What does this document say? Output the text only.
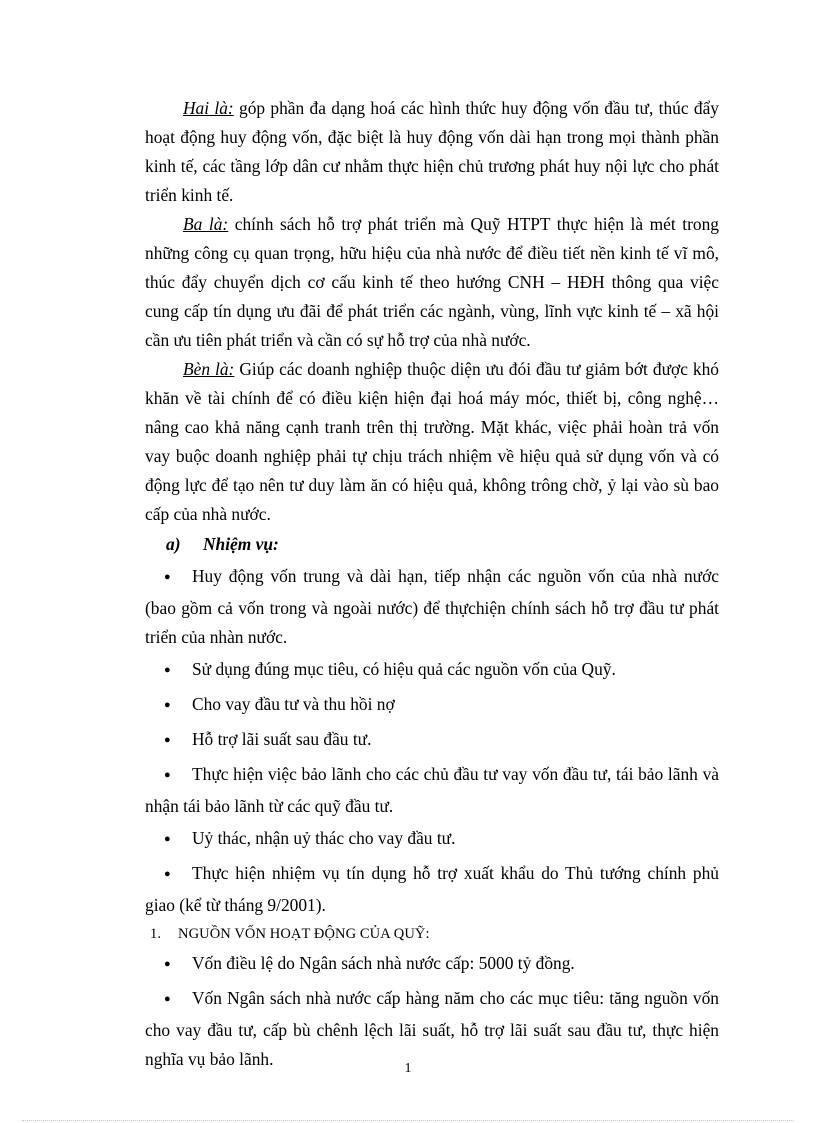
Hai là: góp phần đa dạng hoá các hình thức huy động vốn đầu tư, thúc đẩy hoạt động huy động vốn, đặc biệt là huy động vốn dài hạn trong mọi thành phần kinh tế, các tầng lớp dân cư nhằm thực hiện chủ trương phát huy nội lực cho phát triển kinh tế.

Ba là: chính sách hỗ trợ phát triển mà Quỹ HTPT thực hiện là mét trong những công cụ quan trọng, hữu hiệu của nhà nước để điều tiết nền kinh tế vĩ mô, thúc đẩy chuyển dịch cơ cấu kinh tế theo hướng CNH – HĐH thông qua việc cung cấp tín dụng ưu đãi để phát triển các ngành, vùng, lĩnh vực kinh tế – xã hội cần ưu tiên phát triển và cần có sự hỗ trợ của nhà nước.

Bèn là: Giúp các doanh nghiệp thuộc diện ưu đói đầu tư giảm bớt được khó khăn về tài chính để có điều kiện hiện đại hoá máy móc, thiết bị, công nghệ… nâng cao khả năng cạnh tranh trên thị trường. Mặt khác, việc phải hoàn trả vốn vay buộc doanh nghiệp phải tự chịu trách nhiệm về hiệu quả sử dụng vốn và có động lực để tạo nên tư duy làm ăn có hiệu quả, không trông chờ, ỷ lại vào sù bao cấp của nhà nước.

a) Nhiệm vụ:

●Huy động vốn trung và dài hạn, tiếp nhận các nguồn vốn của nhà nước (bao gồm cả vốn trong và ngoài nước) để thựchiện chính sách hỗ trợ đầu tư phát triển của nhàn nước.

●Sử dụng đúng mục tiêu, có hiệu quả các nguồn vốn của Quỹ.

●Cho vay đầu tư và thu hồi nợ

●Hỗ trợ lãi suất sau đầu tư.

●Thực hiện việc bảo lãnh cho các chủ đầu tư vay vốn đầu tư, tái bảo lãnh và nhận tái bảo lãnh từ các quỹ đầu tư.

●Uỷ thác, nhận uỷ thác cho vay đầu tư.

●Thực hiện nhiệm vụ tín dụng hỗ trợ xuất khẩu do Thủ tướng chính phủ giao (kể từ tháng 9/2001).

1. NGUỒN VỐN HOẠT ĐỘNG CỦA QUỸ:

●Vốn điều lệ do Ngân sách nhà nước cấp: 5000 tỷ đồng.

●Vốn Ngân sách nhà nước cấp hàng năm cho các mục tiêu: tăng nguồn vốn cho vay đầu tư, cấp bù chênh lệch lãi suất, hỗ trợ lãi suất sau đầu tư, thực hiện nghĩa vụ bảo lãnh.	1
